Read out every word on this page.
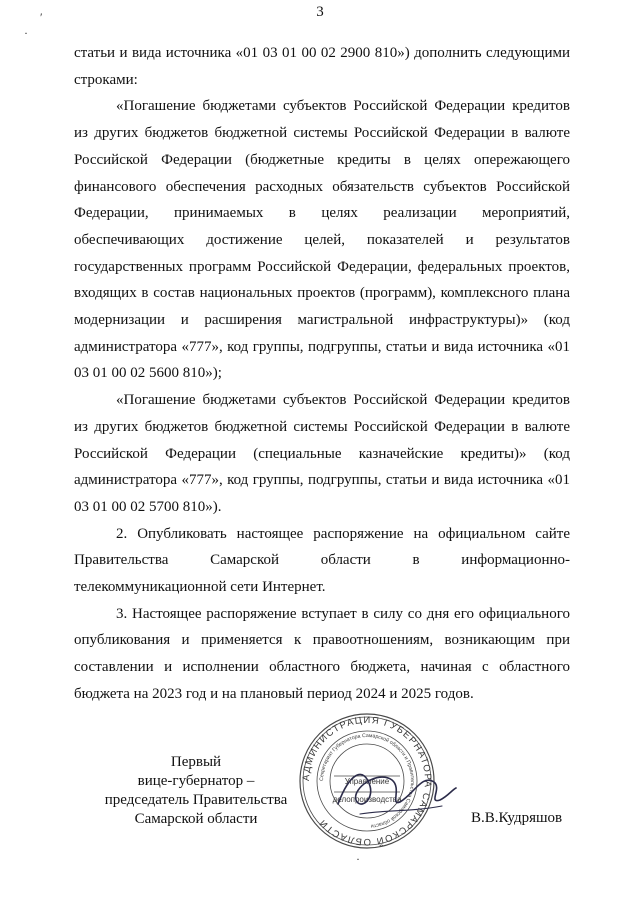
′
·
3

статьи и вида источника «01 03 01 00 02 2900 810») дополнить следующими строками:

«Погашение бюджетами субъектов Российской Федерации кредитов из других бюджетов бюджетной системы Российской Федерации в валюте Российской Федерации (бюджетные кредиты в целях опережающего финансового обеспечения расходных обязательств субъектов Российской Федерации, принимаемых в целях реализации мероприятий, обеспечивающих достижение целей, показателей и результатов государственных программ Российской Федерации, федеральных проектов, входящих в состав национальных проектов (программ), комплексного плана модернизации и расширения магистральной инфраструктуры)» (код администратора «777», код группы, подгруппы, статьи и вида источника «01 03 01 00 02 5600 810»);

«Погашение бюджетами субъектов Российской Федерации кредитов из других бюджетов бюджетной системы Российской Федерации в валюте Российской Федерации (специальные казначейские кредиты)» (код администратора «777», код группы, подгруппы, статьи и вида источника «01 03 01 00 02 5700 810»).

2. Опубликовать настоящее распоряжение на официальном сайте Правительства Самарской области в информационно-телекоммуникационной сети Интернет.

3. Настоящее распоряжение вступает в силу со дня его официального опубликования и применяется к правоотношениям, возникающим при составлении и исполнении областного бюджета, начиная с областного бюджета на 2023 год и на плановый период 2024 и 2025 годов.

Первый
вице-губернатор –
председатель Правительства
Самарской области
АДМИНИСТРАЦИЯ ГУБЕРНАТОРА САМАРСКОЙ ОБЛАСТИ
Секретариат Губернатора Самарской области и Правительства Самарской области
Управление
делопроизводства
В.В.Кудряшов
·
